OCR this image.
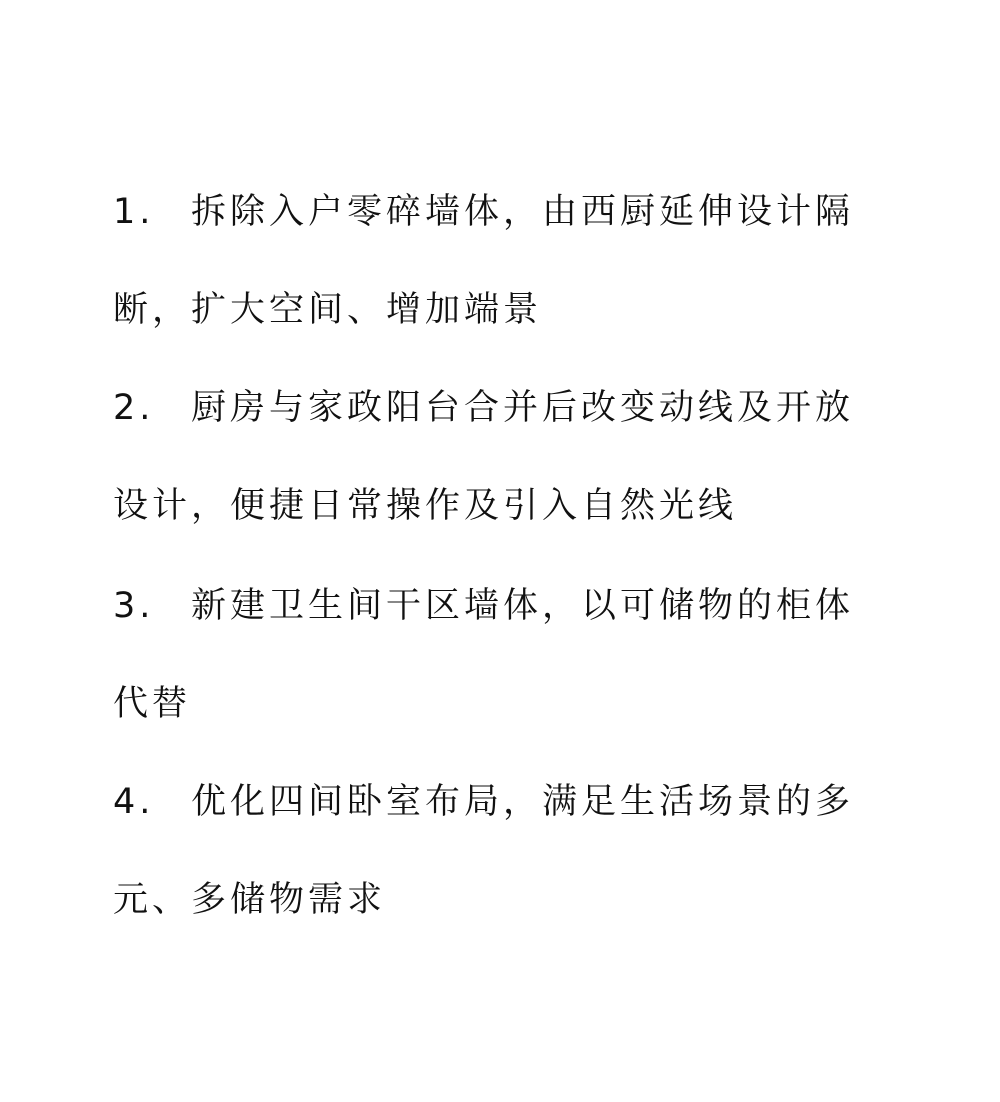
1. 拆除入户零碎墙体，由西厨延伸设计隔
断，扩大空间、增加端景
2. 厨房与家政阳台合并后改变动线及开放
设计，便捷日常操作及引入自然光线
3. 新建卫生间干区墙体，以可储物的柜体
代替
4. 优化四间卧室布局，满足生活场景的多
元、多储物需求
